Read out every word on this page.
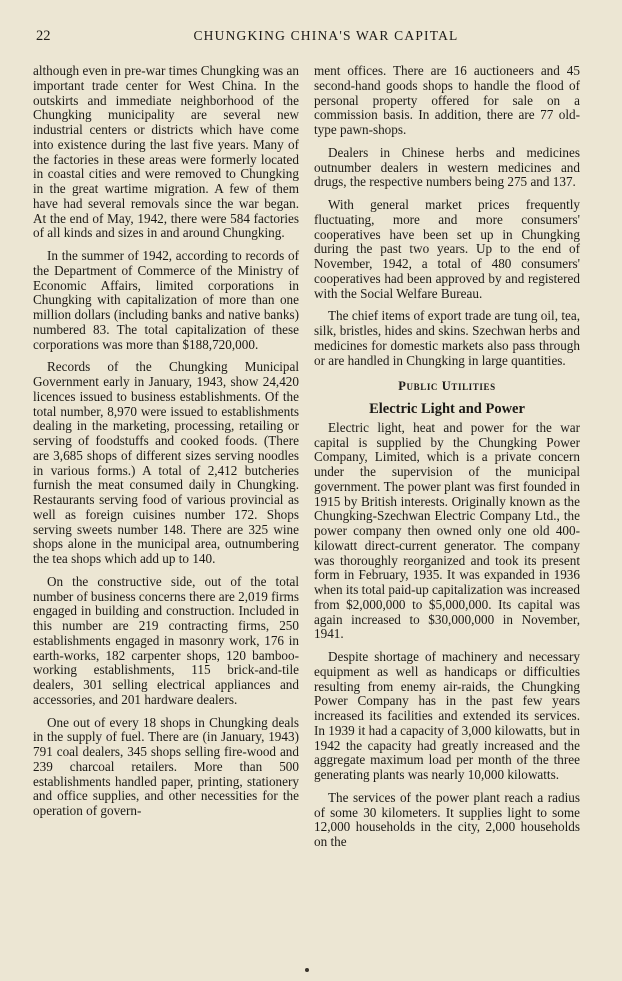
22	CHUNGKING CHINA'S WAR CAPITAL

although even in pre-war times Chungking was an important trade center for West China. In the outskirts and immediate neighborhood of the Chungking municipality are several new industrial centers or districts which have come into existence during the last five years. Many of the factories in these areas were formerly located in coastal cities and were removed to Chungking in the great wartime migration. A few of them have had several removals since the war began. At the end of May, 1942, there were 584 factories of all kinds and sizes in and around Chungking.

In the summer of 1942, according to records of the Department of Commerce of the Ministry of Economic Affairs, limited corporations in Chungking with capitalization of more than one million dollars (including banks and native banks) numbered 83. The total capitalization of these corporations was more than $188,720,000.

Records of the Chungking Municipal Government early in January, 1943, show 24,420 licences issued to business establishments. Of the total number, 8,970 were issued to establishments dealing in the marketing, processing, retailing or serving of foodstuffs and cooked foods. (There are 3,685 shops of different sizes serving noodles in various forms.) A total of 2,412 butcheries furnish the meat consumed daily in Chungking. Restaurants serving food of various provincial as well as foreign cuisines number 172. Shops serving sweets number 148. There are 325 wine shops alone in the municipal area, outnumbering the tea shops which add up to 140.

On the constructive side, out of the total number of business concerns there are 2,019 firms engaged in building and construction. Included in this number are 219 contracting firms, 250 establishments engaged in masonry work, 176 in earth-works, 182 carpenter shops, 120 bamboo-working establishments, 115 brick-and-tile dealers, 301 selling electrical appliances and accessories, and 201 hardware dealers.

One out of every 18 shops in Chungking deals in the supply of fuel. There are (in January, 1943) 791 coal dealers, 345 shops selling fire-wood and 239 charcoal retailers. More than 500 establishments handled paper, printing, stationery and office supplies, and other necessities for the operation of govern-

ment offices. There are 16 auctioneers and 45 second-hand goods shops to handle the flood of personal property offered for sale on a commission basis. In addition, there are 77 old-type pawn-shops.

Dealers in Chinese herbs and medicines outnumber dealers in western medicines and drugs, the respective numbers being 275 and 137.

With general market prices frequently fluctuating, more and more consumers' cooperatives have been set up in Chungking during the past two years. Up to the end of November, 1942, a total of 480 consumers' cooperatives had been approved by and registered with the Social Welfare Bureau.

The chief items of export trade are tung oil, tea, silk, bristles, hides and skins. Szechwan herbs and medicines for domestic markets also pass through or are handled in Chungking in large quantities.

Public Utilities
Electric Light and Power

Electric light, heat and power for the war capital is supplied by the Chungking Power Company, Limited, which is a private concern under the supervision of the municipal government. The power plant was first founded in 1915 by British interests. Originally known as the Chungking-Szechwan Electric Company Ltd., the power company then owned only one old 400-kilowatt direct-current generator. The company was thoroughly reorganized and took its present form in February, 1935. It was expanded in 1936 when its total paid-up capitalization was increased from $2,000,000 to $5,000,000. Its capital was again increased to $30,000,000 in November, 1941.

Despite shortage of machinery and necessary equipment as well as handicaps or difficulties resulting from enemy air-raids, the Chungking Power Company has in the past few years increased its facilities and extended its services. In 1939 it had a capacity of 3,000 kilowatts, but in 1942 the capacity had greatly increased and the aggregate maximum load per month of the three generating plants was nearly 10,000 kilowatts.

The services of the power plant reach a radius of some 30 kilometers. It supplies light to some 12,000 households in the city, 2,000 households on the
